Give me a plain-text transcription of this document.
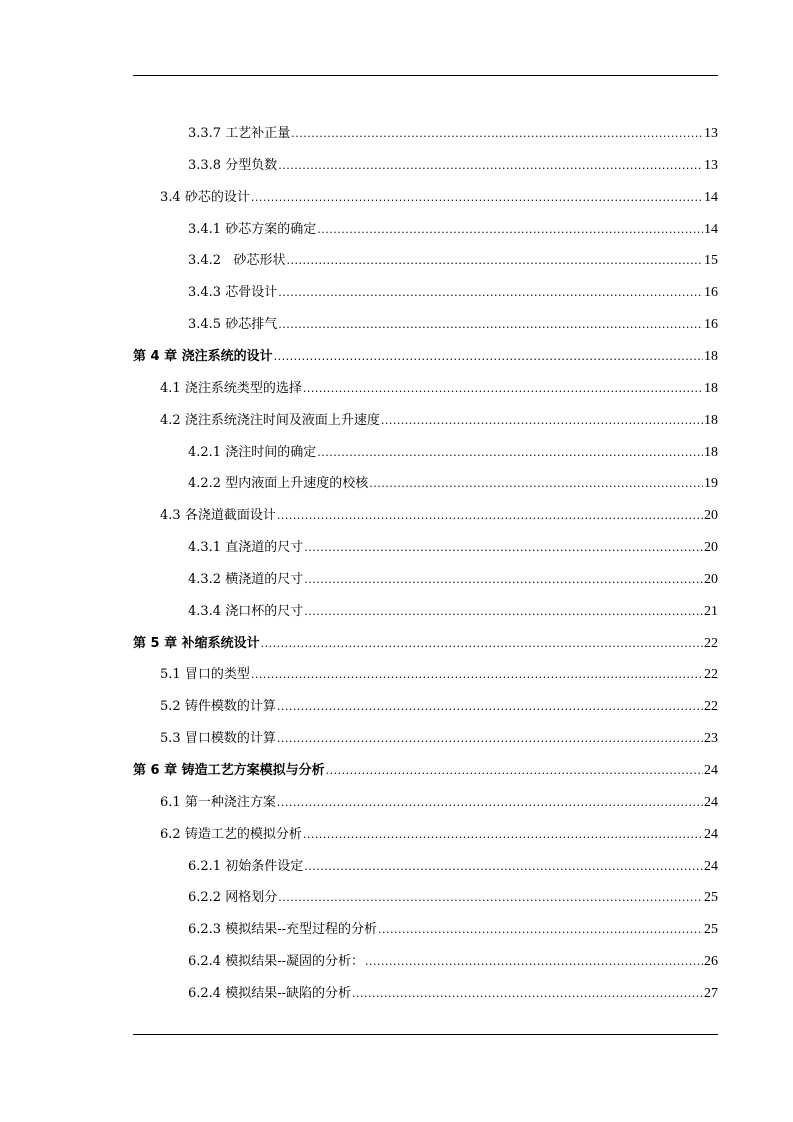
3.3.7 工艺补正量 .....	13
3.3.8 分型负数 .....	13
3.4 砂芯的设计 .....	14
3.4.1 砂芯方案的确定 .....	14
3.4.2 砂芯形状 .....	15
3.4.3 芯骨设计 .....	16
3.4.5 砂芯排气 .....	16
第 4 章 浇注系统的设计 .....	18
4.1 浇注系统类型的选择 .....	18
4.2 浇注系统浇注时间及液面上升速度 .....	18
4.2.1 浇注时间的确定 .....	18
4.2.2 型内液面上升速度的校核 .....	19
4.3 各浇道截面设计 .....	20
4.3.1 直浇道的尺寸 .....	20
4.3.2 横浇道的尺寸 .....	20
4.3.4 浇口杯的尺寸 .....	21
第 5 章 补缩系统设计 .....	22
5.1 冒口的类型 .....	22
5.2 铸件模数的计算 .....	22
5.3 冒口模数的计算 .....	23
第 6 章 铸造工艺方案模拟与分析 .....	24
6.1 第一种浇注方案 .....	24
6.2 铸造工艺的模拟分析 .....	24
6.2.1 初始条件设定 .....	24
6.2.2 网格划分 .....	25
6.2.3 模拟结果--充型过程的分析 .....	25
6.2.4 模拟结果--凝固的分析： .....	26
6.2.4 模拟结果--缺陷的分析 .....	27
